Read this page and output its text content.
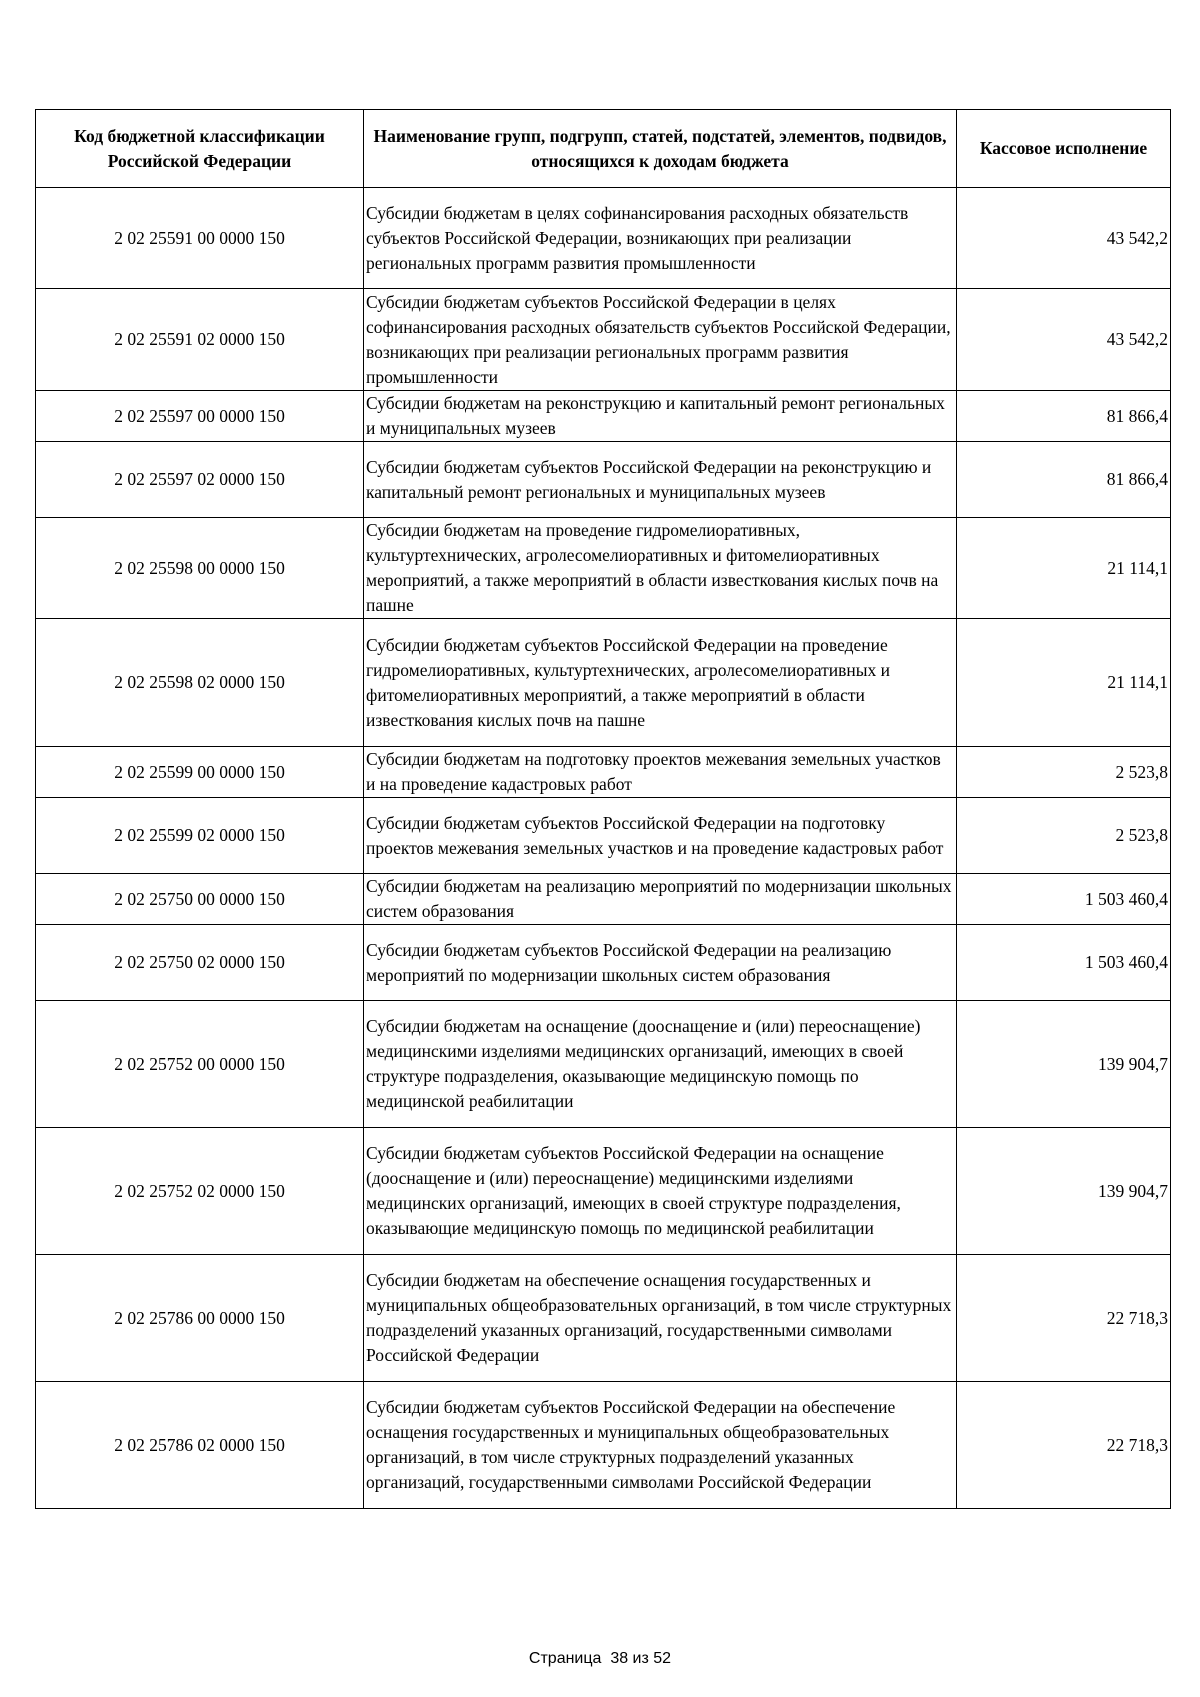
Код бюджетной классификации Российской Федерации	Наименование групп, подгрупп, статей, подстатей, элементов, подвидов, относящихся к доходам бюджета	Кассовое исполнение
2 02 25591 00 0000 150	Субсидии бюджетам в целях софинансирования расходных обязательств субъектов Российской Федерации, возникающих при реализации региональных программ развития промышленности	43 542,2
2 02 25591 02 0000 150	Субсидии бюджетам субъектов Российской Федерации в целях софинансирования расходных обязательств субъектов Российской Федерации, возникающих при реализации региональных программ развития промышленности	43 542,2
2 02 25597 00 0000 150	Субсидии бюджетам на реконструкцию и капитальный ремонт региональных и муниципальных музеев	81 866,4
2 02 25597 02 0000 150	Субсидии бюджетам субъектов Российской Федерации на реконструкцию и капитальный ремонт региональных и муниципальных музеев	81 866,4
2 02 25598 00 0000 150	Субсидии бюджетам на проведение гидромелиоративных, культуртехнических, агролесомелиоративных и фитомелиоративных мероприятий, а также мероприятий в области известкования кислых почв на пашне	21 114,1
2 02 25598 02 0000 150	Субсидии бюджетам субъектов Российской Федерации на проведение гидромелиоративных, культуртехнических, агролесомелиоративных и фитомелиоративных мероприятий, а также мероприятий в области известкования кислых почв на пашне	21 114,1
2 02 25599 00 0000 150	Субсидии бюджетам на подготовку проектов межевания земельных участков и на проведение кадастровых работ	2 523,8
2 02 25599 02 0000 150	Субсидии бюджетам субъектов Российской Федерации на подготовку проектов межевания земельных участков и на проведение кадастровых работ	2 523,8
2 02 25750 00 0000 150	Субсидии бюджетам на реализацию мероприятий по модернизации школьных систем образования	1 503 460,4
2 02 25750 02 0000 150	Субсидии бюджетам субъектов Российской Федерации на реализацию мероприятий по модернизации школьных систем образования	1 503 460,4
2 02 25752 00 0000 150	Субсидии бюджетам на оснащение (дооснащение и (или) переоснащение) медицинскими изделиями медицинских организаций, имеющих в своей структуре подразделения, оказывающие медицинскую помощь по медицинской реабилитации	139 904,7
2 02 25752 02 0000 150	Субсидии бюджетам субъектов Российской Федерации на оснащение (дооснащение и (или) переоснащение) медицинскими изделиями медицинских организаций, имеющих в своей структуре подразделения, оказывающие медицинскую помощь по медицинской реабилитации	139 904,7
2 02 25786 00 0000 150	Субсидии бюджетам на обеспечение оснащения государственных и муниципальных общеобразовательных организаций, в том числе структурных подразделений указанных организаций, государственными символами Российской Федерации	22 718,3
2 02 25786 02 0000 150	Субсидии бюджетам субъектов Российской Федерации на обеспечение оснащения государственных и муниципальных общеобразовательных организаций, в том числе структурных подразделений указанных организаций, государственными символами Российской Федерации	22 718,3
Страница  38 из 52
